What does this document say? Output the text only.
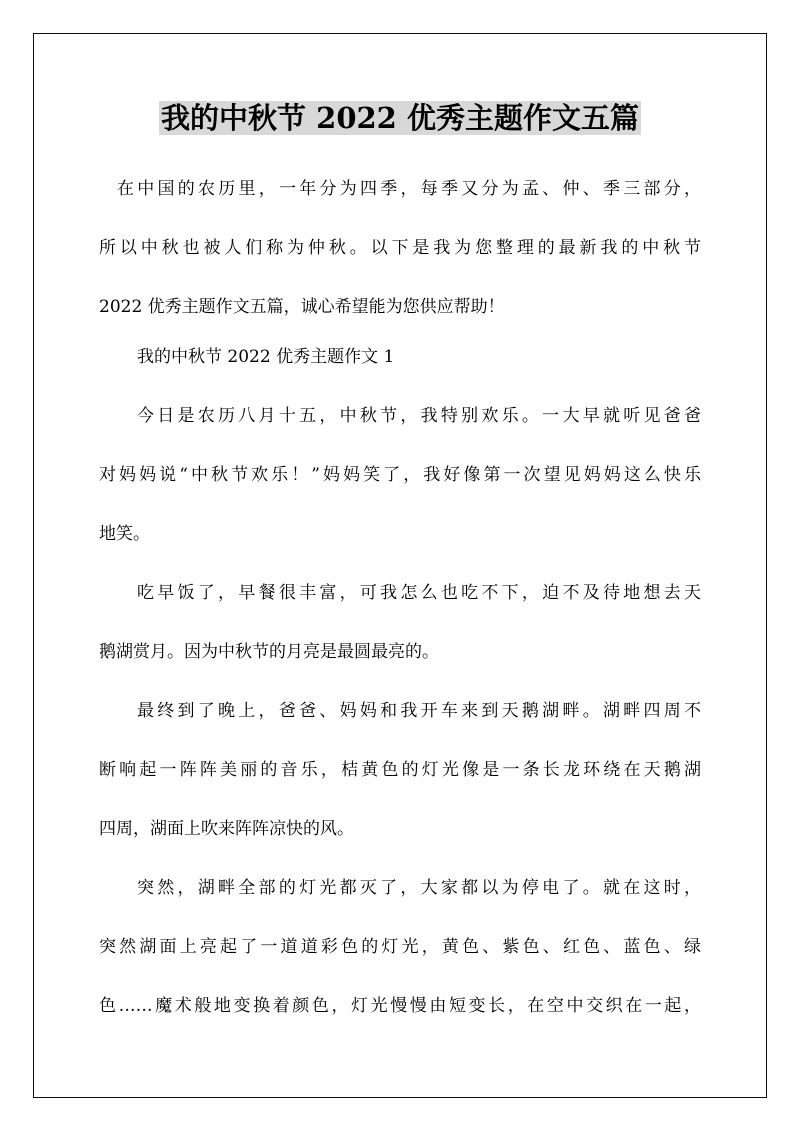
我的中秋节 2022 优秀主题作文五篇
在中国的农历里，一年分为四季，每季又分为孟、仲、季三部分，
所以中秋也被人们称为仲秋。以下是我为您整理的最新我的中秋节
2022 优秀主题作文五篇，诚心希望能为您供应帮助！
我的中秋节 2022 优秀主题作文 1
今日是农历八月十五，中秋节，我特别欢乐。一大早就听见爸爸
对妈妈说“中秋节欢乐！”妈妈笑了，我好像第一次望见妈妈这么快乐
地笑。
吃早饭了，早餐很丰富，可我怎么也吃不下，迫不及待地想去天
鹅湖赏月。因为中秋节的月亮是最圆最亮的。
最终到了晚上，爸爸、妈妈和我开车来到天鹅湖畔。湖畔四周不
断响起一阵阵美丽的音乐，桔黄色的灯光像是一条长龙环绕在天鹅湖
四周，湖面上吹来阵阵凉快的风。
突然，湖畔全部的灯光都灭了，大家都以为停电了。就在这时，
突然湖面上亮起了一道道彩色的灯光，黄色、紫色、红色、蓝色、绿
色……魔术般地变换着颜色，灯光慢慢由短变长，在空中交织在一起，
